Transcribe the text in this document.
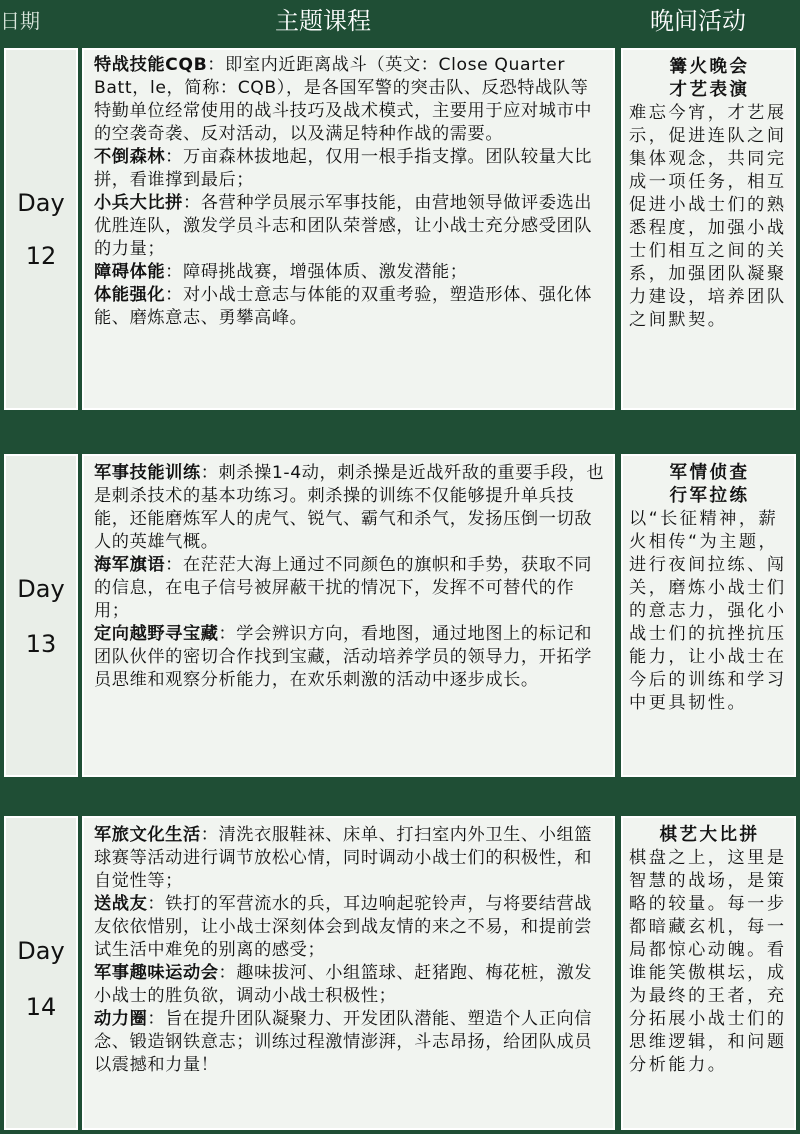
日期	主题课程	晚间活动
Day
12

特战技能CQB：即室内近距离战斗（英文：Close Quarter　Batt，le，简称：CQB），是各国军警的突击队、反恐特战队等特勤单位经常使用的战斗技巧及战术模式，主要用于应对城市中的空袭奇袭、反对活动，以及满足特种作战的需要。

不倒森林：万亩森林拔地起，仅用一根手指支撑。团队较量大比拼，看谁撑到最后；

小兵大比拼：各营种学员展示军事技能，由营地领导做评委选出优胜连队，激发学员斗志和团队荣誉感，让小战士充分感受团队的力量；

障碍体能：障碍挑战赛，增强体质、激发潜能；

体能强化：对小战士意志与体能的双重考验，塑造形体、强化体能、磨炼意志、勇攀高峰。

篝火晚会
才艺表演

难忘今宵，才艺展示，促进连队之间集体观念，共同完成一项任务，相互促进小战士们的熟悉程度，加强小战士们相互之间的关系，加强团队凝聚力建设，培养团队之间默契。

Day
13

军事技能训练：刺杀操1-4动，刺杀操是近战歼敌的重要手段，也是刺杀技术的基本功练习。刺杀操的训练不仅能够提升单兵技能，还能磨炼军人的虎气、锐气、霸气和杀气，发扬压倒一切敌人的英雄气概。

海军旗语：在茫茫大海上通过不同颜色的旗帜和手势，获取不同的信息，在电子信号被屏蔽干扰的情况下，发挥不可替代的作用；

定向越野寻宝藏：学会辨识方向，看地图，通过地图上的标记和团队伙伴的密切合作找到宝藏，活动培养学员的领导力，开拓学员思维和观察分析能力，在欢乐刺激的活动中逐步成长。

军情侦查
行军拉练

以“长征精神，薪火相传“为主题，进行夜间拉练、闯关，磨炼小战士们的意志力，强化小战士们的抗挫抗压能力，让小战士在今后的训练和学习中更具韧性。

Day
14

军旅文化生活：清洗衣服鞋袜、床单、打扫室内外卫生、小组篮球赛等活动进行调节放松心情，同时调动小战士们的积极性，和自觉性等；

送战友：铁打的军营流水的兵，耳边响起驼铃声，与将要结营战友依依惜别，让小战士深刻体会到战友情的来之不易，和提前尝试生活中难免的别离的感受；

军事趣味运动会：趣味拔河、小组篮球、赶猪跑、梅花桩，激发小战士的胜负欲，调动小战士积极性；

动力圈：旨在提升团队凝聚力、开发团队潜能、塑造个人正向信念、锻造钢铁意志；训练过程激情澎湃，斗志昂扬，给团队成员以震撼和力量！

棋艺大比拼

棋盘之上，这里是智慧的战场，是策略的较量。每一步都暗藏玄机，每一局都惊心动魄。看谁能笑傲棋坛，成为最终的王者，充分拓展小战士们的思维逻辑，和问题分析能力。
